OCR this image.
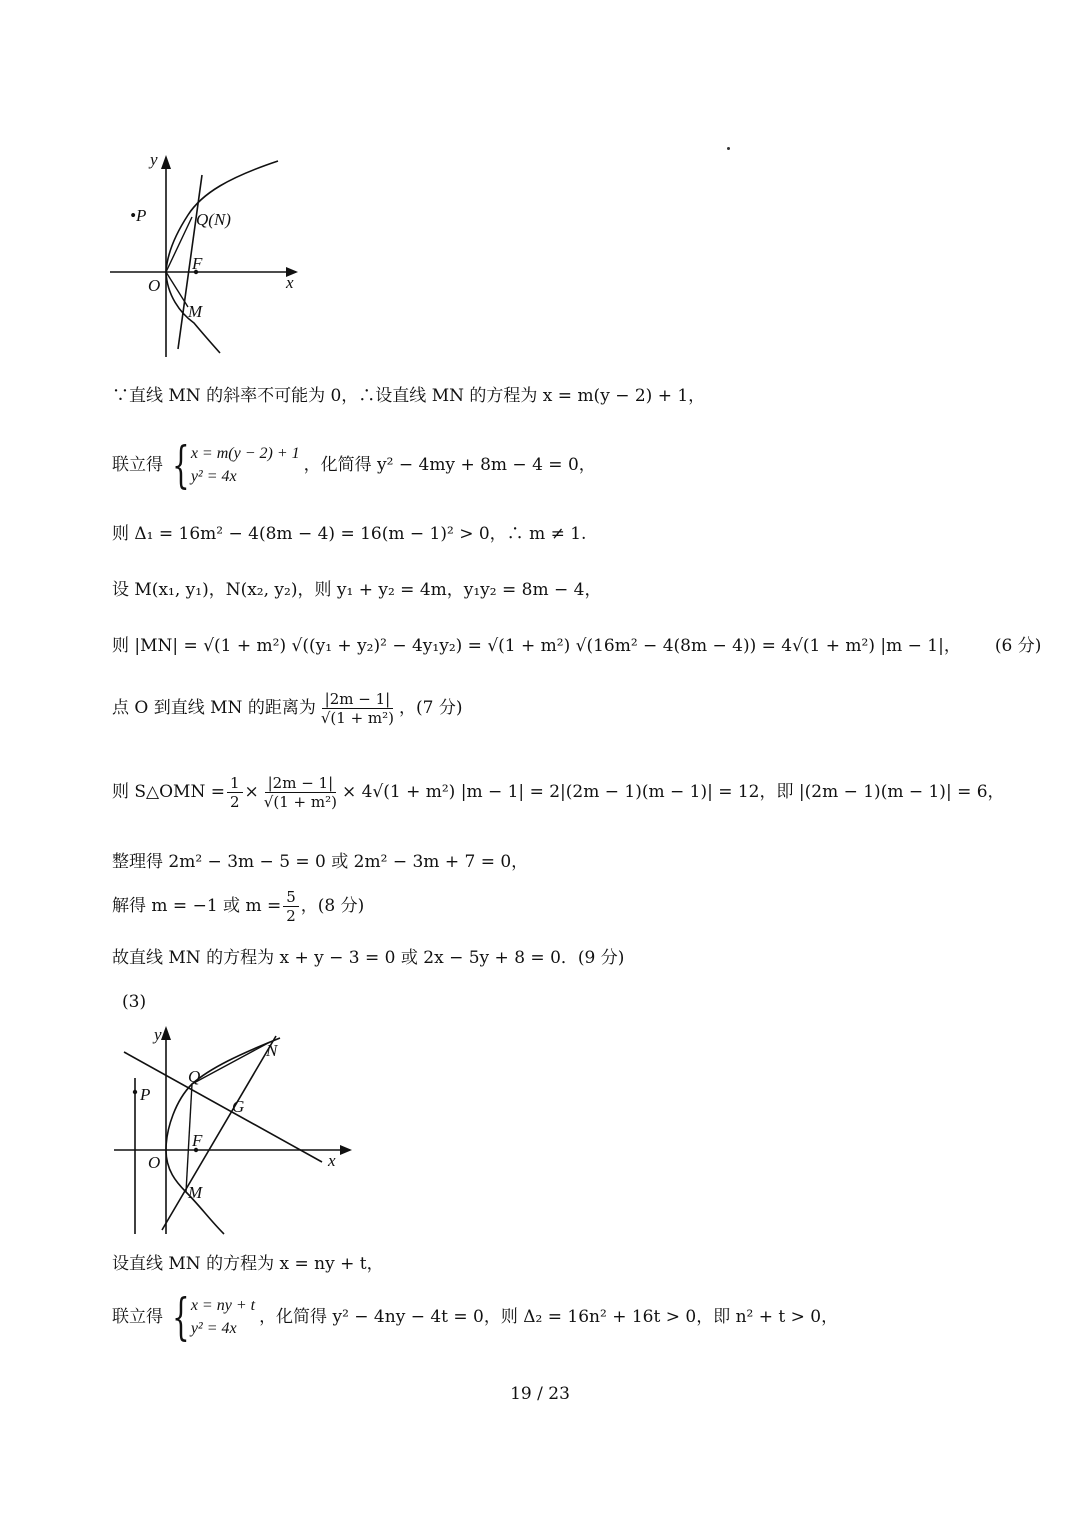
y
x
O
•P	Q(N)
F
M
∵直线 MN 的斜率不可能为 0，∴设直线 MN 的方程为 x = m(y − 2) + 1，
联立得 { x = m(y − 2) + 1
y² = 4x
，化简得 y² − 4my + 8m − 4 = 0，
则 Δ₁ = 16m² − 4(8m − 4) = 16(m − 1)² > 0，∴ m ≠ 1.
设 M(x₁, y₁)，N(x₂, y₂)，则 y₁ + y₂ = 4m，y₁y₂ = 8m − 4，
则 |MN| = √(1 + m²) √((y₁ + y₂)² − 4y₁y₂) = √(1 + m²) √(16m² − 4(8m − 4)) = 4√(1 + m²) |m − 1|， (6 分)
点 O 到直线 MN 的距离为 $\frac{|2m - 1|}{\text{√(1 + m²)}}$ ，(7 分)
则 S△OMN = $\frac{1}{2} \times \frac{|2m - 1|}{\text{√(1 + m²)}} \times 4√(1 + m^2) |m - 1| = 2|(2m - 1)(m - 1)| = 12$，即 |(2m − 1)(m − 1)| = 6，
整理得 2m² − 3m − 5 = 0 或 2m² − 3m + 7 = 0，
解得 m = −1 或 $m = \frac{5}{2}$ ，(8 分)
故直线 MN 的方程为 x + y − 3 = 0 或 2x − 5y + 8 = 0．(9 分)
(3)
y
x
O
P
Q
N
G
F
M
设直线 MN 的方程为 x = ny + t，
联立得 { x = ny + t
y² = 4x
，化简得 y² − 4ny − 4t = 0，则 Δ₂ = 16n² + 16t > 0，即 n² + t > 0，
19 / 23
